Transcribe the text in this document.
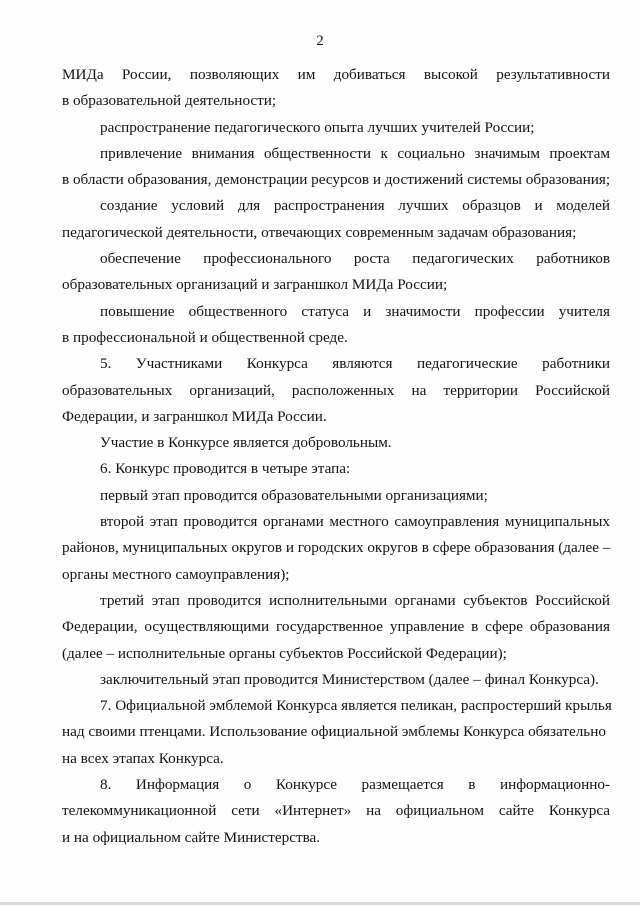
2
МИДа России, позволяющих им добиваться высокой результативности
в образовательной деятельности;
распространение педагогического опыта лучших учителей России;
привлечение внимания общественности к социально значимым проектам
в области образования, демонстрации ресурсов и достижений системы образования;
создание условий для распространения лучших образцов и моделей
педагогической деятельности, отвечающих современным задачам образования;
обеспечение профессионального роста педагогических работников
образовательных организаций и заграншкол МИДа России;
повышение общественного статуса и значимости профессии учителя
в профессиональной и общественной среде.
5. Участниками Конкурса являются педагогические работники
образовательных организаций, расположенных на территории Российской
Федерации, и заграншкол МИДа России.
Участие в Конкурсе является добровольным.
6. Конкурс проводится в четыре этапа:
первый этап проводится образовательными организациями;
второй этап проводится органами местного самоуправления муниципальных
районов, муниципальных округов и городских округов в сфере образования (далее –
органы местного самоуправления);
третий этап проводится исполнительными органами субъектов Российской
Федерации, осуществляющими государственное управление в сфере образования
(далее – исполнительные органы субъектов Российской Федерации);
заключительный этап проводится Министерством (далее – финал Конкурса).
7. Официальной эмблемой Конкурса является пеликан, распростерший крылья
над своими птенцами. Использование официальной эмблемы Конкурса обязательно
на всех этапах Конкурса.
8. Информация о Конкурсе размещается в информационно-
телекоммуникационной сети «Интернет» на официальном сайте Конкурса
и на официальном сайте Министерства.
